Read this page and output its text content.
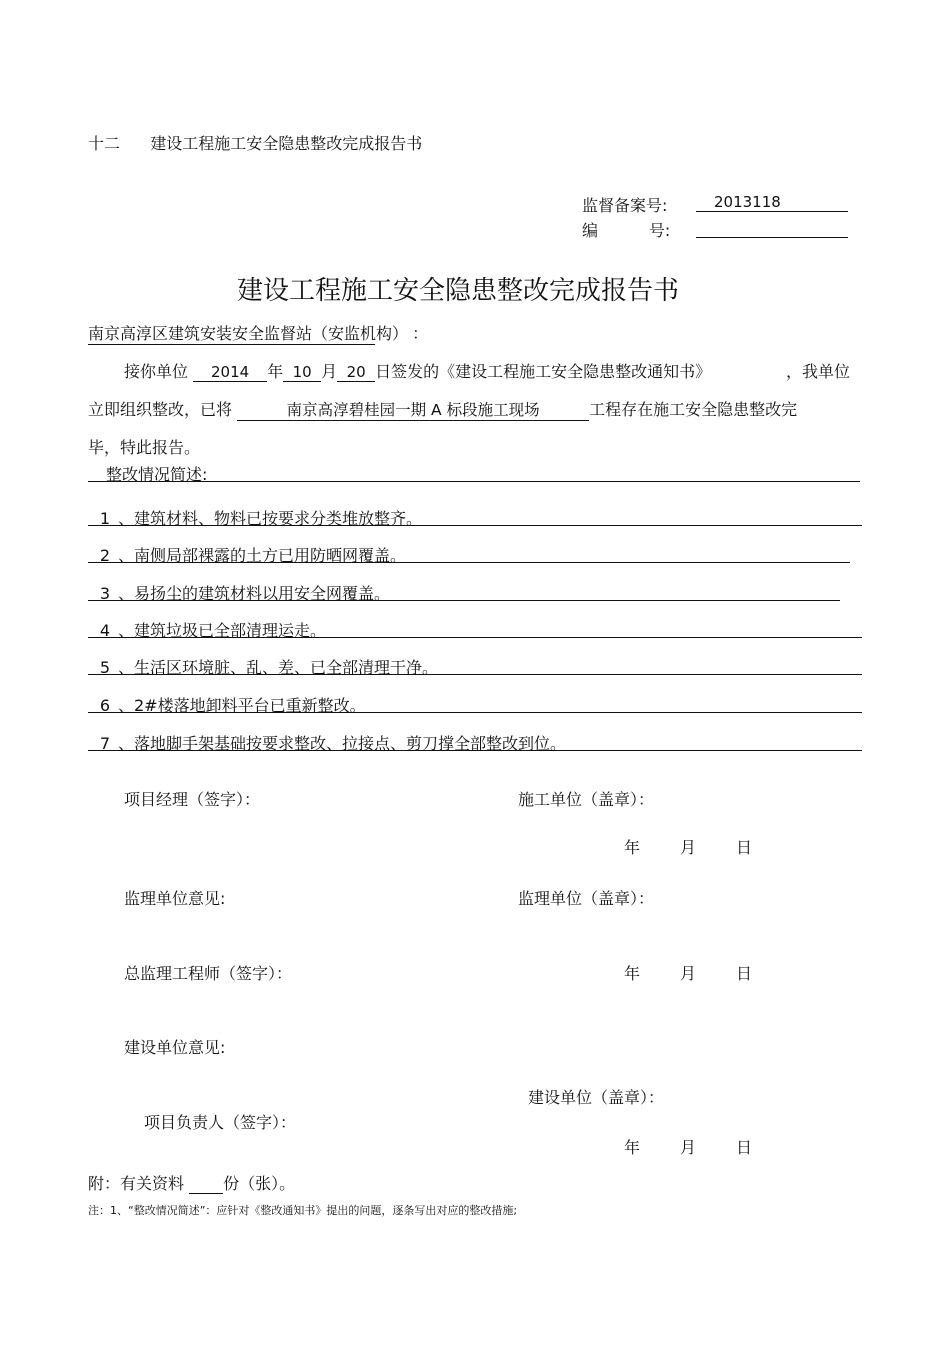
十二 建设工程施工安全隐患整改完成报告书
监督备案号:	2013118
编          号:
建设工程施工安全隐患整改完成报告书
南京高淳区建筑安装安全监督站（安监机构） ：
接你单位 2014 年 10 月 20 日签发的《建设工程施工安全隐患整改通知书》	，我单位
立即组织整改，已将	南京高淳碧桂园一期 A 标段施工现场	工程存在施工安全隐患整改完
毕，特此报告。
整改情况简述:
1 、建筑材料、物料已按要求分类堆放整齐。
2 、南侧局部裸露的土方已用防晒网覆盖。
3 、易扬尘的建筑材料以用安全网覆盖。
4 、建筑垃圾已全部清理运走。
5 、生活区环境脏、乱、差、已全部清理干净。
6 、2#楼落地卸料平台已重新整改。
7 、落地脚手架基础按要求整改、拉接点、剪刀撑全部整改到位。
项目经理（签字）：	施工单位（盖章）：
年	月	日
监理单位意见:	监理单位（盖章）：
总监理工程师（签字）：	年	月	日
建设单位意见:
建设单位（盖章）：
项目负责人（签字）：
年	月	日
附：有关资料 份（张）。
注：1、“整改情况简述”：应针对《整改通知书》提出的问题，逐条写出对应的整改措施;
